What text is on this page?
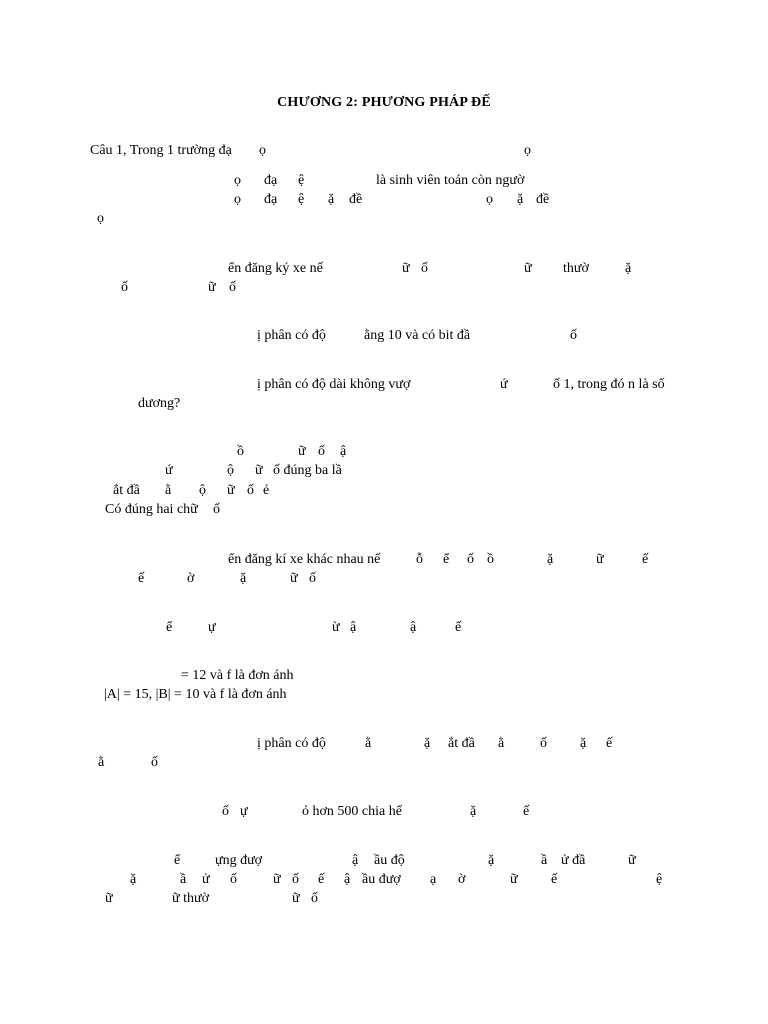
CHƯƠNG 2: PHƯƠNG PHÁP ĐẾ
Câu 1, Trong 1 trường đạ ọ	ọ
ọ đạ ệ	là sinh viên toán còn ngườ
ọ đạ ệ ặ đề	ọ ặ đề
ọ
ển đăng ký xe nế	ữ ố	ữ thườ	ặ
ố	ữ ố
ị phân có độ	ằng 10 và có bit đầ	ố
ị phân có độ dài không vượ	ứ	ố 1, trong đó n là số
dương?
ồ	ữ ố ậ
ứ	ộ ữ ố đúng ba lầ
ắt đầ ằ ộ ữ ố ẻ
Có đúng hai chữ ố
ển đăng kí xe khác nhau nế	ỗ ể ố ồ	ặ	ữ	ế
ế	ờ	ặ	ữ ố
ể	ự	ừ ậ	ậ	ế
= 12 và f là đơn ánh
|A| = 15, |B| = 10 và f là đơn ánh
ị phân có độ	ằ	ặ ắt đầ ằ	ố ặ ế
ằ	ố
ố ự	ỏ hơn 500 chia hế	ặ	ế
ể ựng đượ	ậ ầu độ	ặ	ầ ử đầ	ữ
ặ	ầ ử ố	ữ ố ế ậ ầu đượ ạ ờ	ữ ế	ệ
ữ	ữ thườ	ữ ố
